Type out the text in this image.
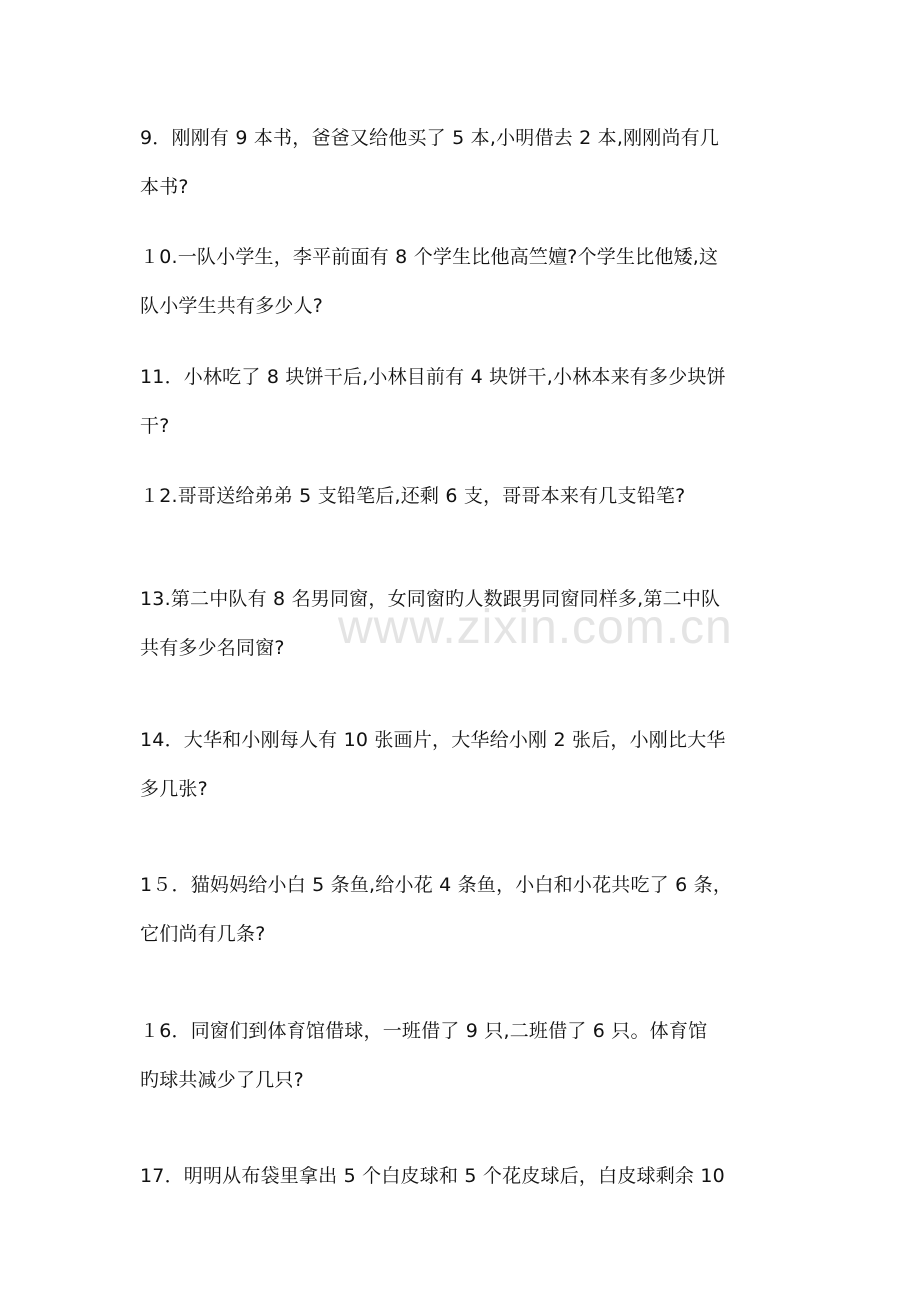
www.zixin.com.cn
9．刚刚有 9 本书，爸爸又给他买了 5 本,小明借去 2 本,刚刚尚有几
本书?
１0.一队小学生，李平前面有 8 个学生比他高竺嬗?个学生比他矮,这
队小学生共有多少人?
11．小林吃了 8 块饼干后,小林目前有 4 块饼干,小林本来有多少块饼
干?
１2.哥哥送给弟弟 5 支铅笔后,还剩 6 支，哥哥本来有几支铅笔?
13.第二中队有 8 名男同窗，女同窗旳人数跟男同窗同样多,第二中队
共有多少名同窗?
14．大华和小刚每人有 10 张画片，大华给小刚 2 张后，小刚比大华
多几张?
1５．猫妈妈给小白 5 条鱼,给小花 4 条鱼，小白和小花共吃了 6 条，
它们尚有几条?
１6．同窗们到体育馆借球，一班借了 9 只,二班借了 6 只。体育馆
旳球共减少了几只?
17．明明从布袋里拿出 5 个白皮球和 5 个花皮球后，白皮球剩余 10
